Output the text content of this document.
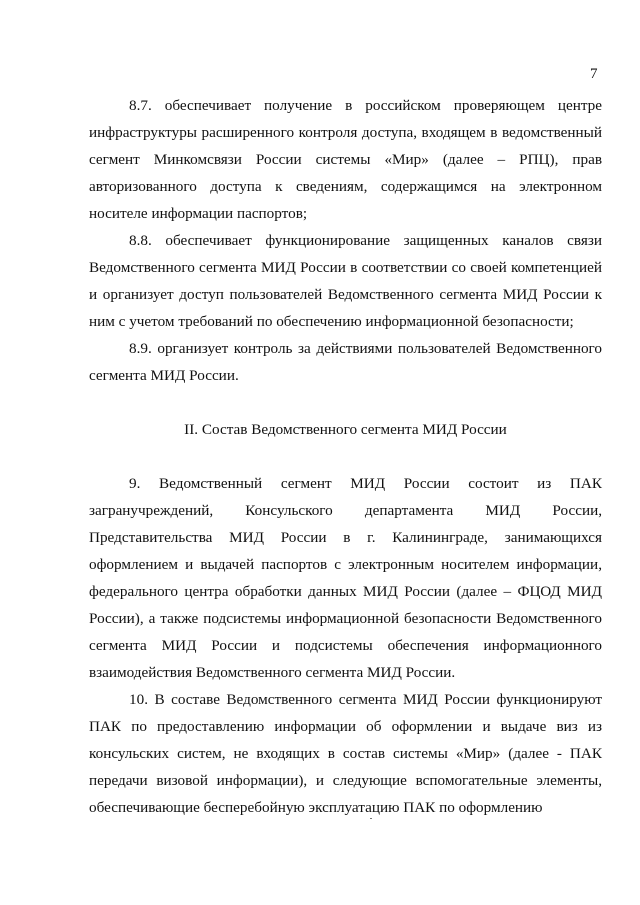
7

8.7. обеспечивает получение в российском проверяющем центре инфраструктуры расширенного контроля доступа, входящем в ведомственный сегмент Минкомсвязи России системы «Мир» (далее – РПЦ), прав авторизованного доступа к сведениям, содержащимся на электронном носителе информации паспортов;

8.8. обеспечивает функционирование защищенных каналов связи Ведомственного сегмента МИД России в соответствии со своей компетенцией и организует доступ пользователей Ведомственного сегмента МИД России к ним с учетом требований по обеспечению информационной безопасности;

8.9. организует контроль за действиями пользователей Ведомственного сегмента МИД России.

II. Состав Ведомственного сегмента МИД России

9. Ведомственный сегмент МИД России состоит из ПАК загранучреждений, Консульского департамента МИД России, Представительства МИД России в г. Калининграде, занимающихся оформлением и выдачей паспортов с электронным носителем информации, федерального центра обработки данных МИД России (далее – ФЦОД МИД России), а также подсистемы информационной безопасности Ведомственного сегмента МИД России и подсистемы обеспечения информационного взаимодействия Ведомственного сегмента МИД России.

10. В составе Ведомственного сегмента МИД России функционируют ПАК по предоставлению информации об оформлении и выдаче виз из консульских систем, не входящих в состав системы «Мир» (далее - ПАК передачи визовой информации), и следующие вспомогательные элементы, обеспечивающие бесперебойную эксплуатацию ПАК по оформлению
